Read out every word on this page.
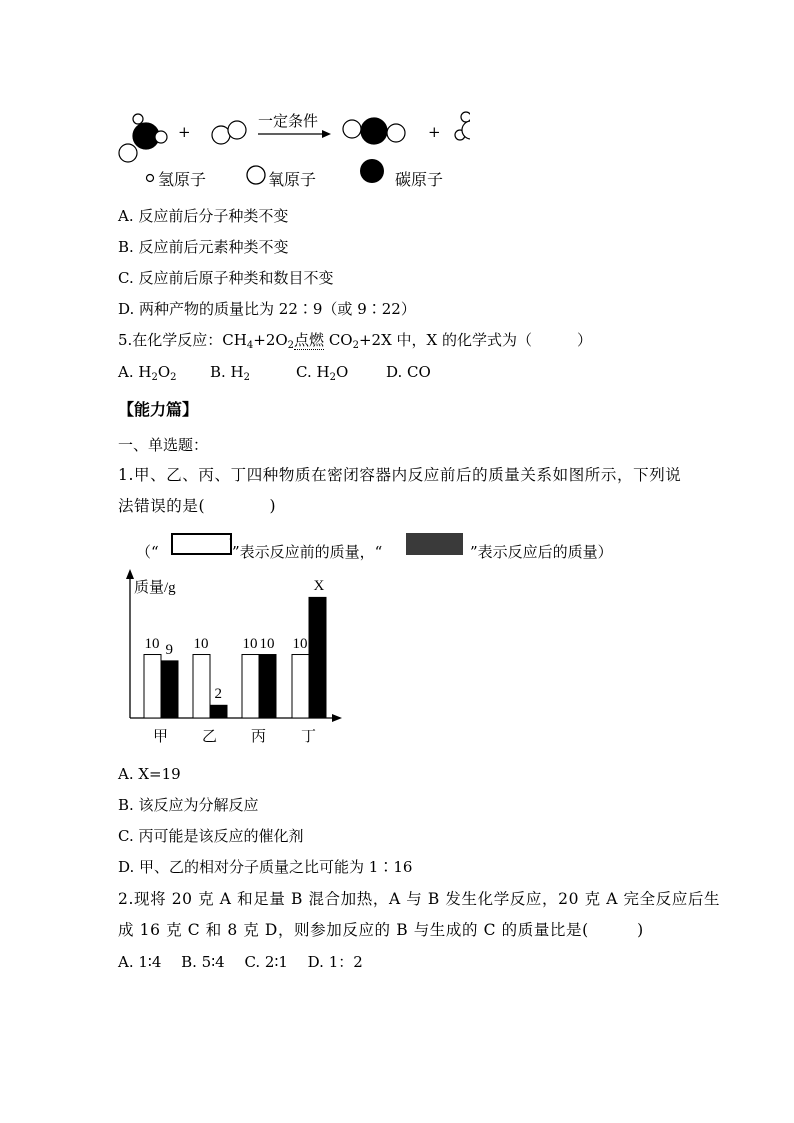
一定条件
+	+
氢原子	氧原子	碳原子
A. 反应前后分子种类不变
B. 反应前后元素种类不变
C. 反应前后原子种类和数目不变
D. 两种产物的质量比为 22∶9（或 9∶22）
5.在化学反应：$CH_4+2O_2$点燃 $CO_2+2X$ 中，X 的化学式为（　　　）
A. $H_2O_2$ B. $H_2$	C. $H_2O$	D. CO
【能力篇】
一、单选题：
1.甲、乙、丙、丁四种物质在密闭容器内反应前后的质量关系如图所示，下列说
法错误的是(　　　　)
（“
,
”表示反应前的质量，“	”表示反应后的质量）
质量/g
10 9
甲
10
2
乙
10 10
丙
10
X
丁
A. X=19
B. 该反应为分解反应
C. 丙可能是该反应的催化剂
D. 甲、乙的相对分子质量之比可能为 1∶16
2.现将 20 克 A 和足量 B 混合加热，A 与 B 发生化学反应，20 克 A 完全反应后生
成 16 克 C 和 8 克 D，则参加反应的 B 与生成的 C 的质量比是(　　　)
A. 1∶4　 B. 5∶4　 C. 2∶1　 D. 1：2
